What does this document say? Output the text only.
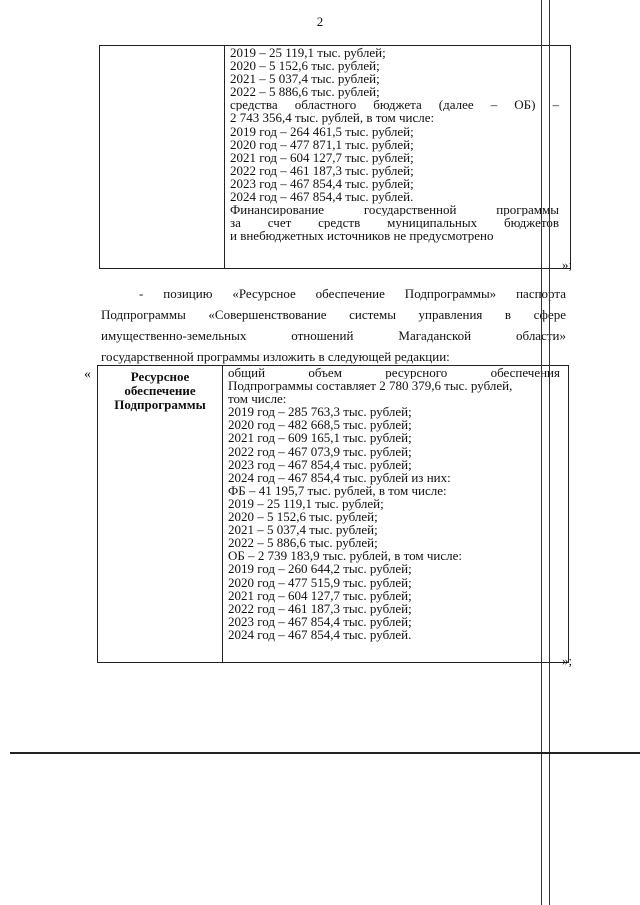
2
2019 – 25 119,1 тыс. рублей;
2020 – 5 152,6 тыс. рублей;
2021 – 5 037,4 тыс. рублей;
2022 – 5 886,6 тыс. рублей;
средства областного бюджета (далее – ОБ) –
2 743 356,4 тыс. рублей, в том числе:
2019 год – 264 461,5 тыс. рублей;
2020 год – 477 871,1 тыс. рублей;
2021 год – 604 127,7 тыс. рублей;
2022 год – 461 187,3 тыс. рублей;
2023 год – 467 854,4 тыс. рублей;
2024 год – 467 854,4 тыс. рублей.
Финансирование государственной программы
за счет средств муниципальных бюджетов
и внебюджетных источников не предусмотрено
»;
- позицию «Ресурсное обеспечение Подпрограммы» паспорта
Подпрограммы «Совершенствование системы управления в сфере
имущественно-земельных отношений Магаданской области»
государственной программы изложить в следующей редакции:
«	Ресурсное обеспечение Подпрограммы
общий объем ресурсного обеспечения
Подпрограммы составляет 2 780 379,6 тыс. рублей,
том числе:
2019 год – 285 763,3 тыс. рублей;
2020 год – 482 668,5 тыс. рублей;
2021 год – 609 165,1 тыс. рублей;
2022 год – 467 073,9 тыс. рублей;
2023 год – 467 854,4 тыс. рублей;
2024 год – 467 854,4 тыс. рублей из них:
ФБ – 41 195,7 тыс. рублей, в том числе:
2019 – 25 119,1 тыс. рублей;
2020 – 5 152,6 тыс. рублей;
2021 – 5 037,4 тыс. рублей;
2022 – 5 886,6 тыс. рублей;
ОБ – 2 739 183,9 тыс. рублей, в том числе:
2019 год – 260 644,2 тыс. рублей;
2020 год – 477 515,9 тыс. рублей;
2021 год – 604 127,7 тыс. рублей;
2022 год – 461 187,3 тыс. рублей;
2023 год – 467 854,4 тыс. рублей;
2024 год – 467 854,4 тыс. рублей.
»;
